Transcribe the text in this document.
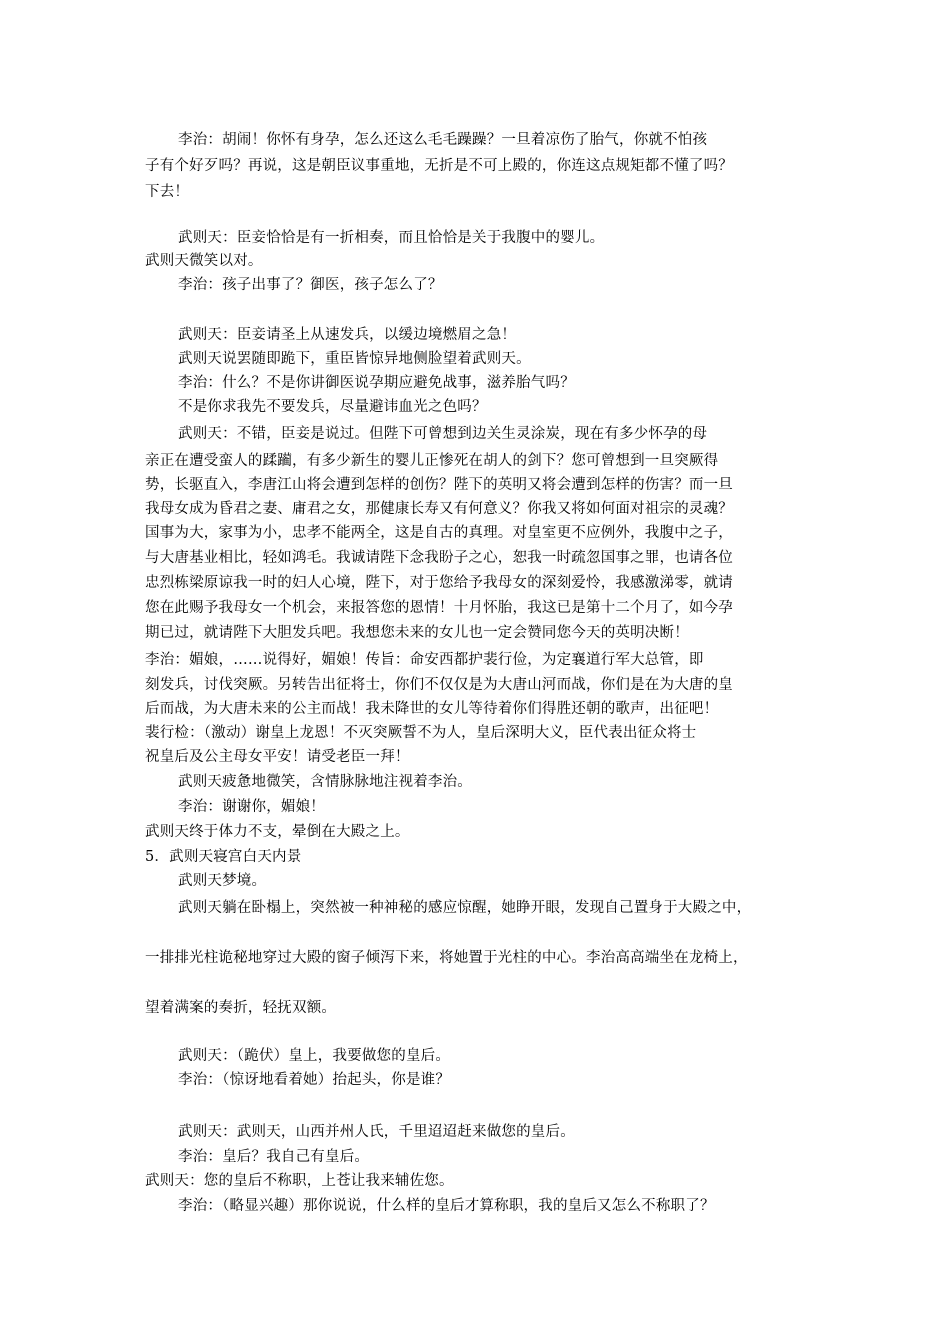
李治：胡闹！你怀有身孕，怎么还这么毛毛躁躁？一旦着凉伤了胎气，你就不怕孩
子有个好歹吗？再说，这是朝臣议事重地，无折是不可上殿的，你连这点规矩都不懂了吗？
下去！
武则天：臣妾恰恰是有一折相奏，而且恰恰是关于我腹中的婴儿。
武则天微笑以对。
李治：孩子出事了？御医，孩子怎么了？
武则天：臣妾请圣上从速发兵，以缓边境燃眉之急！
武则天说罢随即跪下，重臣皆惊异地侧脸望着武则天。
李治：什么？不是你讲御医说孕期应避免战事，滋养胎气吗？
不是你求我先不要发兵，尽量避讳血光之色吗？
武则天：不错，臣妾是说过。但陛下可曾想到边关生灵涂炭，现在有多少怀孕的母
亲正在遭受蛮人的蹂躏，有多少新生的婴儿正惨死在胡人的剑下？您可曾想到一旦突厥得
势，长驱直入，李唐江山将会遭到怎样的创伤？陛下的英明又将会遭到怎样的伤害？而一旦
我母女成为昏君之妻、庸君之女，那健康长寿又有何意义？你我又将如何面对祖宗的灵魂？
国事为大，家事为小，忠孝不能两全，这是自古的真理。对皇室更不应例外，我腹中之子，
与大唐基业相比，轻如鸿毛。我诚请陛下念我盼子之心，恕我一时疏忽国事之罪，也请各位
忠烈栋梁原谅我一时的妇人心境，陛下，对于您给予我母女的深刻爱怜，我感激涕零，就请
您在此赐予我母女一个机会，来报答您的恩情！十月怀胎，我这已是第十二个月了，如今孕
期已过，就请陛下大胆发兵吧。我想您未来的女儿也一定会赞同您今天的英明决断！
李治：媚娘，……说得好，媚娘！传旨：命安西都护裴行俭，为定襄道行军大总管，即
刻发兵，讨伐突厥。另转告出征将士，你们不仅仅是为大唐山河而战，你们是在为大唐的皇
后而战，为大唐未来的公主而战！我未降世的女儿等待着你们得胜还朝的歌声，出征吧！
裴行检：（激动）谢皇上龙恩！不灭突厥誓不为人，皇后深明大义，臣代表出征众将士
祝皇后及公主母女平安！请受老臣一拜！
武则天疲惫地微笑，含情脉脉地注视着李治。
李治：谢谢你，媚娘！
武则天终于体力不支，晕倒在大殿之上。
5．武则天寝宫白天内景
武则天梦境。
武则天躺在卧榻上，突然被一种神秘的感应惊醒，她睁开眼，发现自己置身于大殿之中，
一排排光柱诡秘地穿过大殿的窗子倾泻下来，将她置于光柱的中心。李治高高端坐在龙椅上，
望着满案的奏折，轻抚双额。
武则天：（跪伏）皇上，我要做您的皇后。
李治：（惊讶地看着她）抬起头，你是谁？
武则天：武则天，山西并州人氏，千里迢迢赶来做您的皇后。
李治：皇后？我自己有皇后。
武则天：您的皇后不称职，上苍让我来辅佐您。
李治：（略显兴趣）那你说说，什么样的皇后才算称职，我的皇后又怎么不称职了？
